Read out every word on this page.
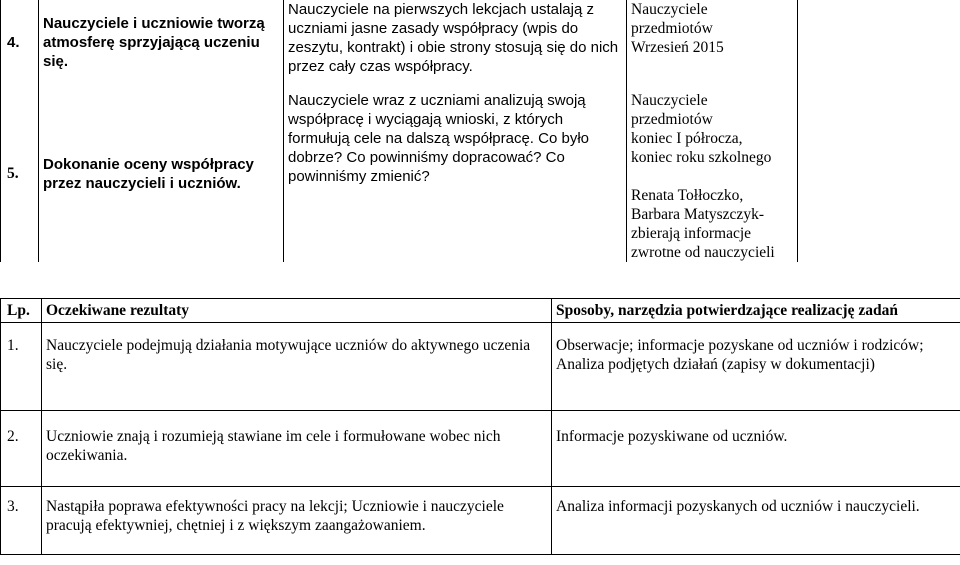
4.	Nauczyciele i uczniowie tworzą atmosferę sprzyjającą uczeniu się.	Nauczyciele na pierwszych lekcjach ustalają z uczniami jasne zasady współpracy (wpis do zeszytu, kontrakt) i obie strony stosują się do nich przez cały czas współpracy.	Nauczyciele przedmiotów
Wrzesień 2015	
5.	Dokonanie oceny współpracy przez nauczycieli i uczniów.	Nauczyciele wraz z uczniami analizują swoją współpracę i wyciągają wnioski, z których formułują cele na dalszą współpracę. Co było dobrze? Co powinniśmy dopracować? Co powinniśmy zmienić?	Nauczyciele przedmiotów
koniec I półrocza,
koniec roku szkolnego

Renata Tołłoczko, Barbara Matyszczyk- zbierają informacje zwrotne od nauczycieli	
Lp.	Oczekiwane rezultaty	Sposoby, narzędzia potwierdzające realizację zadań
1.	Nauczyciele podejmują działania motywujące uczniów do aktywnego uczenia się.	Obserwacje; informacje pozyskane od uczniów i rodziców; Analiza podjętych działań (zapisy w dokumentacji)
2.	Uczniowie znają i rozumieją stawiane im cele i formułowane wobec nich oczekiwania.	Informacje pozyskiwane od uczniów.
3.	Nastąpiła poprawa efektywności pracy na lekcji; Uczniowie i nauczyciele pracują efektywniej, chętniej i z większym zaangażowaniem.	Analiza informacji pozyskanych od uczniów i nauczycieli.
